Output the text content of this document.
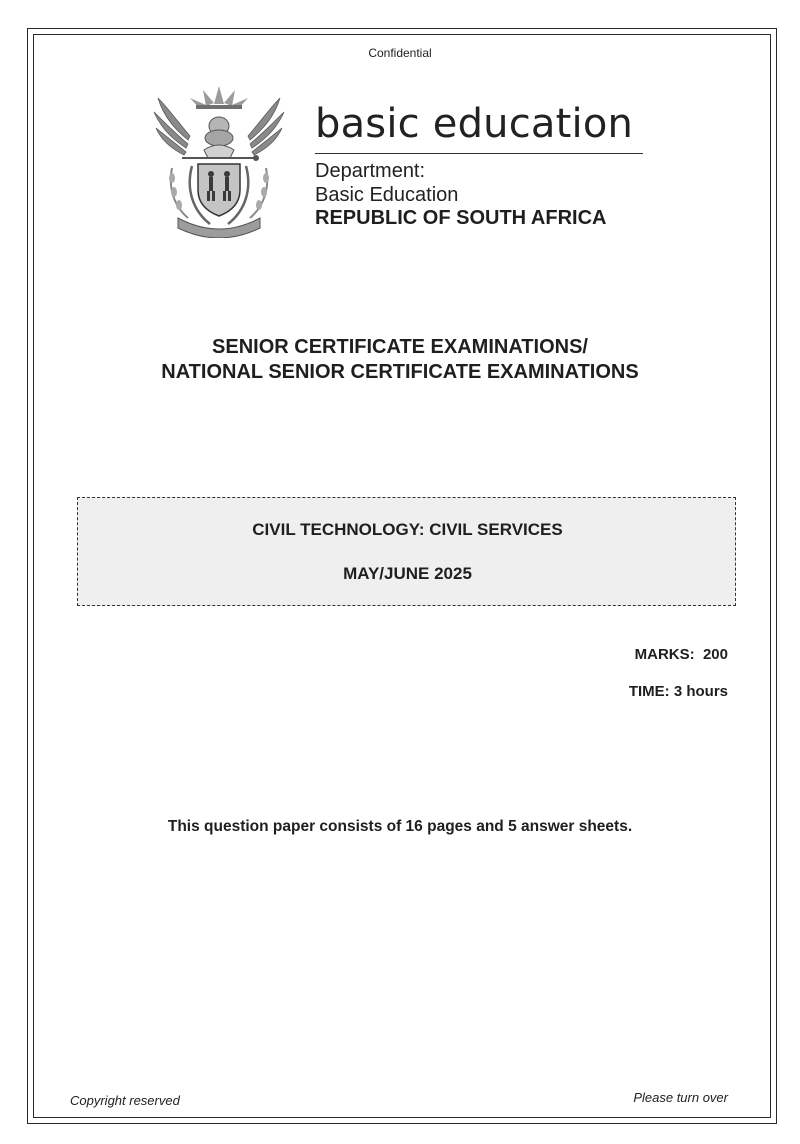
Confidential
basic education
Department:
Basic Education
REPUBLIC OF SOUTH AFRICA
SENIOR CERTIFICATE EXAMINATIONS/
NATIONAL SENIOR CERTIFICATE EXAMINATIONS
CIVIL TECHNOLOGY: CIVIL SERVICES
MAY/JUNE 2025
MARKS:  200
TIME: 3 hours
This question paper consists of 16 pages and 5 answer sheets.
Copyright reserved	Please turn over
